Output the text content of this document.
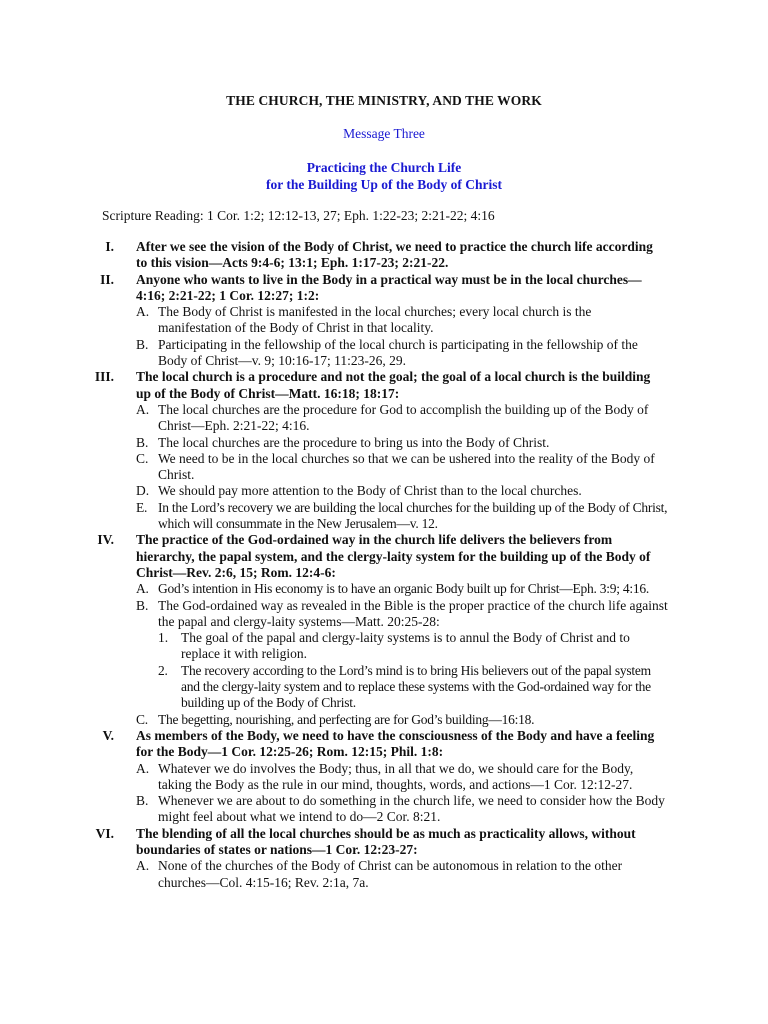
THE CHURCH, THE MINISTRY, AND THE WORK
Message Three
Practicing the Church Life
for the Building Up of the Body of Christ
Scripture Reading: 1 Cor. 1:2; 12:12-13, 27; Eph. 1:22-23; 2:21-22; 4:16
I. After we see the vision of the Body of Christ, we need to practice the church life according to this vision—Acts 9:4-6; 13:1; Eph. 1:17-23; 2:21-22.
II. Anyone who wants to live in the Body in a practical way must be in the local churches—4:16; 2:21-22; 1 Cor. 12:27; 1:2:
A. The Body of Christ is manifested in the local churches; every local church is the manifestation of the Body of Christ in that locality.
B. Participating in the fellowship of the local church is participating in the fellowship of the Body of Christ—v. 9; 10:16-17; 11:23-26, 29.
III. The local church is a procedure and not the goal; the goal of a local church is the building up of the Body of Christ—Matt. 16:18; 18:17:
A. The local churches are the procedure for God to accomplish the building up of the Body of Christ—Eph. 2:21-22; 4:16.
B. The local churches are the procedure to bring us into the Body of Christ.
C. We need to be in the local churches so that we can be ushered into the reality of the Body of Christ.
D. We should pay more attention to the Body of Christ than to the local churches.
E. In the Lord’s recovery we are building the local churches for the building up of the Body of Christ, which will consummate in the New Jerusalem—v. 12.
IV. The practice of the God-ordained way in the church life delivers the believers from hierarchy, the papal system, and the clergy-laity system for the building up of the Body of Christ—Rev. 2:6, 15; Rom. 12:4-6:
A. God’s intention in His economy is to have an organic Body built up for Christ—Eph. 3:9; 4:16.
B. The God-ordained way as revealed in the Bible is the proper practice of the church life against the papal and clergy-laity systems—Matt. 20:25-28:
1. The goal of the papal and clergy-laity systems is to annul the Body of Christ and to replace it with religion.
2. The recovery according to the Lord’s mind is to bring His believers out of the papal system and the clergy-laity system and to replace these systems with the God-ordained way for the building up of the Body of Christ.
C. The begetting, nourishing, and perfecting are for God’s building—16:18.
V. As members of the Body, we need to have the consciousness of the Body and have a feeling for the Body—1 Cor. 12:25-26; Rom. 12:15; Phil. 1:8:
A. Whatever we do involves the Body; thus, in all that we do, we should care for the Body, taking the Body as the rule in our mind, thoughts, words, and actions—1 Cor. 12:12-27.
B. Whenever we are about to do something in the church life, we need to consider how the Body might feel about what we intend to do—2 Cor. 8:21.
VI. The blending of all the local churches should be as much as practicality allows, without boundaries of states or nations—1 Cor. 12:23-27:
A. None of the churches of the Body of Christ can be autonomous in relation to the other churches—Col. 4:15-16; Rev. 2:1a, 7a.
